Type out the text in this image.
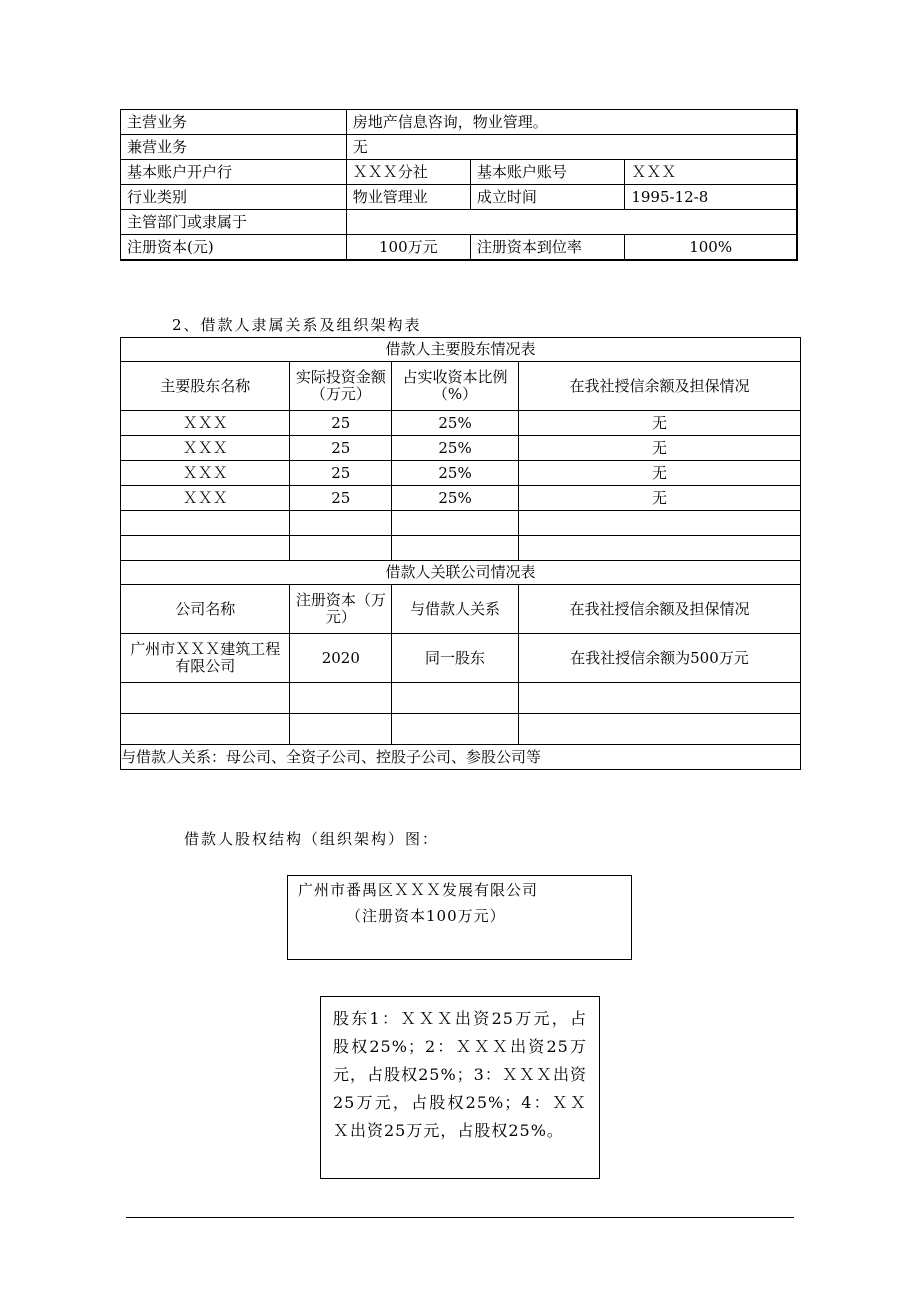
主营业务	房地产信息咨询，物业管理。		
兼营业务	无		
基本账户开户行	ＸＸＸ分社	基本账户账号	ＸＸＸ
行业类别	物业管理业	成立时间	1995-12-8
主管部门或隶属于			
注册资本(元)	100万元	注册资本到位率	100%
2、借款人隶属关系及组织架构表
借款人主要股东情况表			
主要股东名称	实际投资金额（万元）	占实收资本比例（%）	在我社授信余额及担保情况
ＸＸＸ	25	25%	无
ＸＸＸ	25	25%	无
ＸＸＸ	25	25%	无
ＸＸＸ	25	25%	无

借款人关联公司情况表			
公司名称	注册资本（万元）	与借款人关系	在我社授信余额及担保情况
广州市ＸＸＸ建筑工程有限公司	2020	同一股东	在我社授信余额为500万元

与借款人关系：母公司、全资子公司、控股子公司、参股公司等			
借款人股权结构（组织架构）图：
广州市番禺区ＸＸＸ发展有限公司
（注册资本100万元）
股东1：ＸＸＸ出资25万元，占股权25%；2：ＸＸＸ出资25万元，占股权25%；3：ＸＸＸ出资25万元，占股权25%；4：ＸＸＸ出资25万元，占股权25%。
